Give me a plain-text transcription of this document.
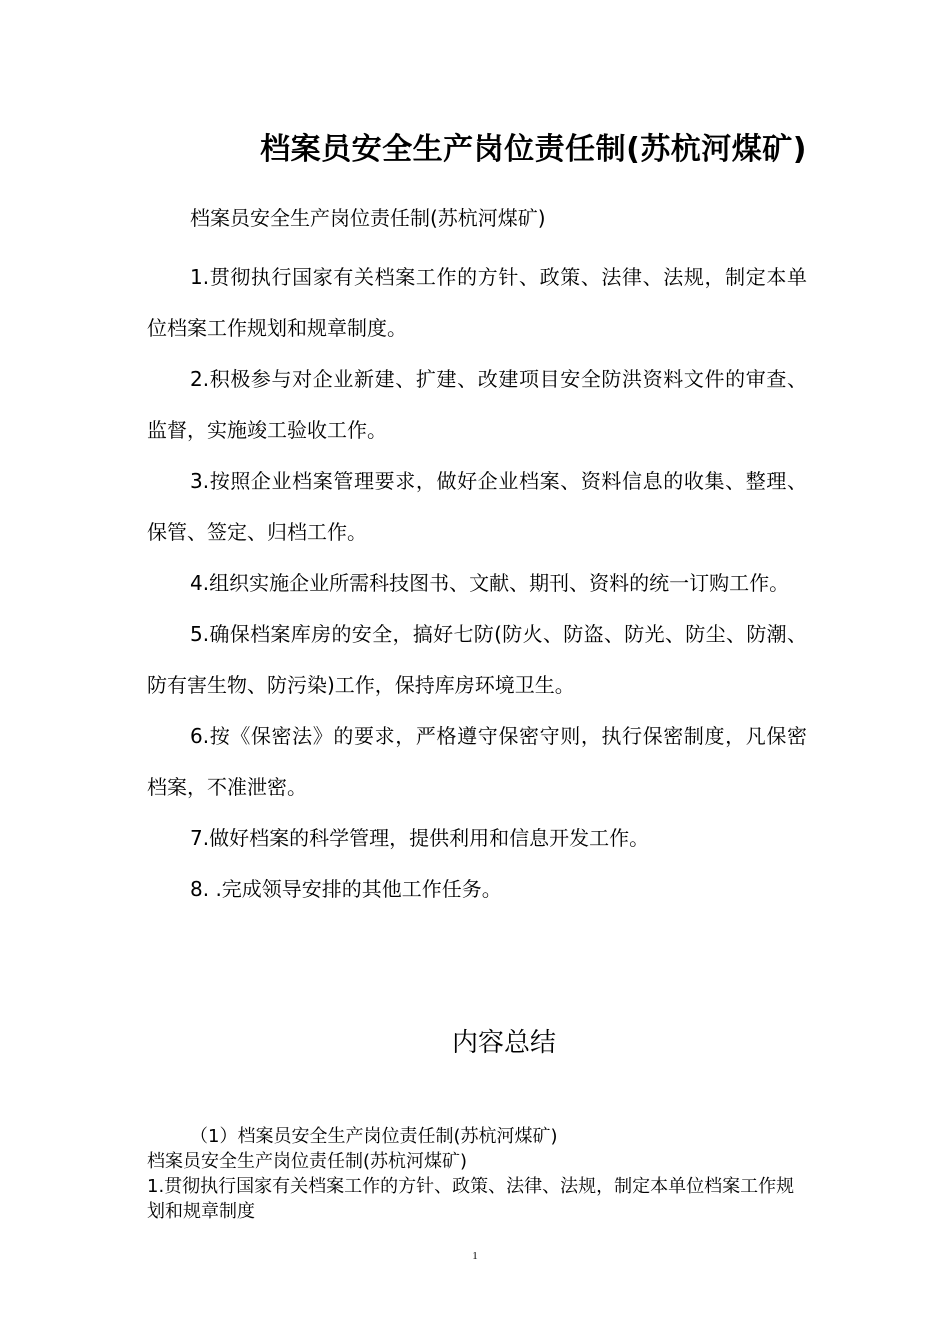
档案员安全生产岗位责任制(苏杭河煤矿)
档案员安全生产岗位责任制(苏杭河煤矿)

1.贯彻执行国家有关档案工作的方针、政策、法律、法规，制定本单位档案工作规划和规章制度。

2.积极参与对企业新建、扩建、改建项目安全防洪资料文件的审查、监督，实施竣工验收工作。

3.按照企业档案管理要求，做好企业档案、资料信息的收集、整理、保管、签定、归档工作。

4.组织实施企业所需科技图书、文献、期刊、资料的统一订购工作。

5.确保档案库房的安全，搞好七防(防火、防盗、防光、防尘、防潮、防有害生物、防污染)工作，保持库房环境卫生。

6.按《保密法》的要求，严格遵守保密守则，执行保密制度，凡保密档案，不准泄密。

7.做好档案的科学管理，提供利用和信息开发工作。

8. .完成领导安排的其他工作任务。

内容总结
（1）档案员安全生产岗位责任制(苏杭河煤矿)
档案员安全生产岗位责任制(苏杭河煤矿)
1.贯彻执行国家有关档案工作的方针、政策、法律、法规，制定本单位档案工作规划和规章制度
1
